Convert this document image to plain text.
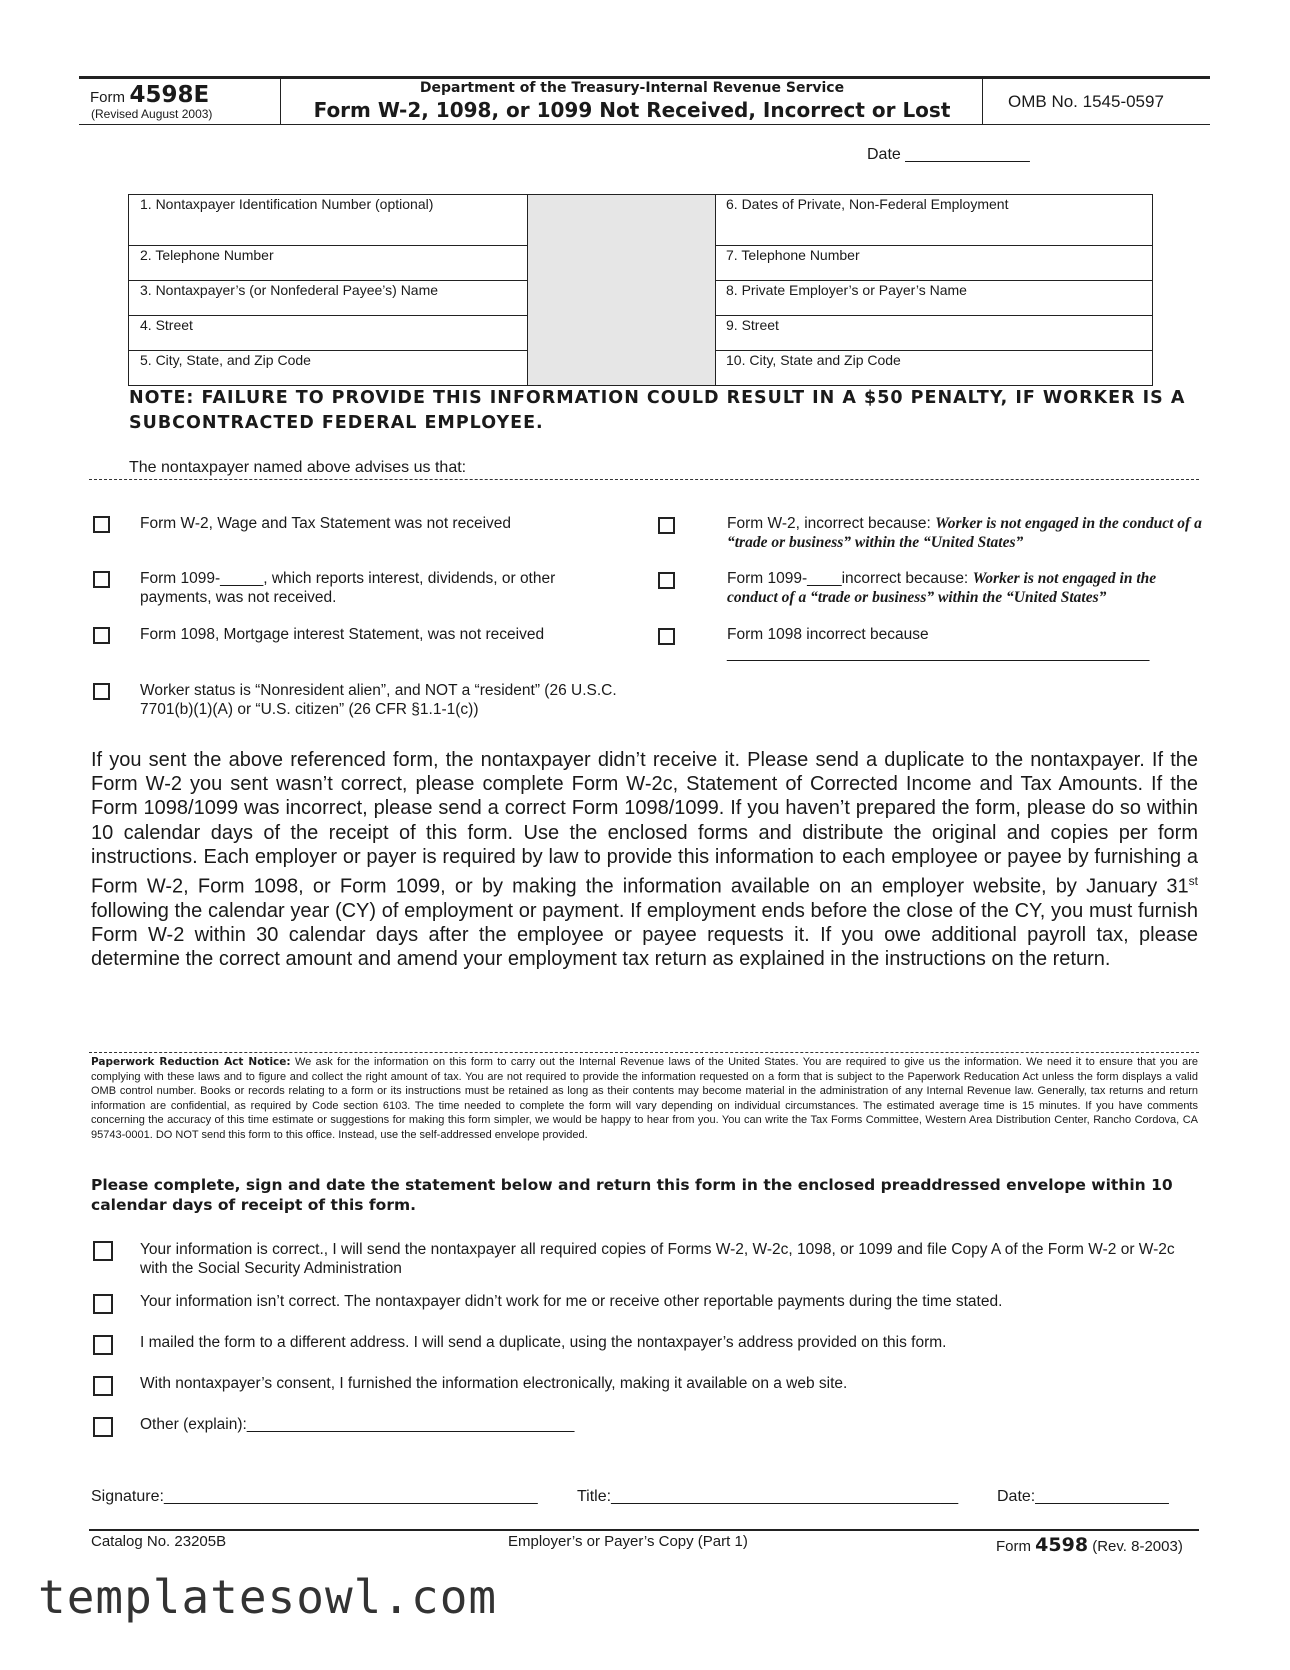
Form 4598E
(Revised August 2003)
Department of the Treasury-Internal Revenue Service
Form W-2, 1098, or 1099 Not Received, Incorrect or Lost	OMB No. 1545-0597
Date ______________
1. Nontaxpayer Identification Number (optional)
2. Telephone Number
3. Nontaxpayer’s (or Nonfederal Payee’s) Name
4. Street
5. City, State, and Zip Code
6. Dates of Private, Non-Federal Employment
7. Telephone Number
8. Private Employer’s or Payer’s Name
9. Street
10. City, State and Zip Code
NOTE: FAILURE TO PROVIDE THIS INFORMATION COULD RESULT IN A $50 PENALTY, IF WORKER IS A SUBCONTRACTED FEDERAL EMPLOYEE.
The nontaxpayer named above advises us that:
Form W-2, Wage and Tax Statement was not received
Form 1099-_____, which reports interest, dividends, or other payments, was not received.
Form 1098, Mortgage interest Statement, was not received
Worker status is “Nonresident alien”, and NOT a “resident” (26 U.S.C. 7701(b)(1)(A) or “U.S. citizen” (26 CFR §1.1-1(c))
Form W-2, incorrect because: Worker is not engaged in the conduct of a “trade or business” within the “United States”
Form 1099-____incorrect because: Worker is not engaged in the conduct of a “trade or business” within the “United States”
Form 1098 incorrect because
_________________________________________________
If you sent the above referenced form, the nontaxpayer didn’t receive it. Please send a duplicate to the nontaxpayer. If the Form W-2 you sent wasn’t correct, please complete Form W-2c, Statement of Corrected Income and Tax Amounts. If the Form 1098/1099 was incorrect, please send a correct Form 1098/1099. If you haven’t prepared the form, please do so within 10 calendar days of the receipt of this form. Use the enclosed forms and distribute the original and copies per form instructions. Each employer or payer is required by law to provide this information to each employee or payee by furnishing a Form W-2, Form 1098, or Form 1099, or by making the information available on an employer website, by January 31st following the calendar year (CY) of employment or payment. If employment ends before the close of the CY, you must furnish Form W-2 within 30 calendar days after the employee or payee requests it. If you owe additional payroll tax, please determine the correct amount and amend your employment tax return as explained in the instructions on the return.
Paperwork Reduction Act Notice: We ask for the information on this form to carry out the Internal Revenue laws of the United States. You are required to give us the information. We need it to ensure that you are complying with these laws and to figure and collect the right amount of tax. You are not required to provide the information requested on a form that is subject to the Paperwork Reducation Act unless the form displays a valid OMB control number. Books or records relating to a form or its instructions must be retained as long as their contents may become material in the administration of any Internal Revenue law. Generally, tax returns and return information are confidential, as required by Code section 6103. The time needed to complete the form will vary depending on individual circumstances. The estimated average time is 15 minutes. If you have comments concerning the accuracy of this time estimate or suggestions for making this form simpler, we would be happy to hear from you. You can write the Tax Forms Committee, Western Area Distribution Center, Rancho Cordova, CA 95743-0001. DO NOT send this form to this office. Instead, use the self-addressed envelope provided.
Please complete, sign and date the statement below and return this form in the enclosed preaddressed envelope within 10 calendar days of receipt of this form.
Your information is correct., I will send the nontaxpayer all required copies of Forms W-2, W-2c, 1098, or 1099 and file Copy A of the Form W-2 or W-2c with the Social Security Administration
Your information isn’t correct. The nontaxpayer didn’t work for me or receive other reportable payments during the time stated.
I mailed the form to a different address. I will send a duplicate, using the nontaxpayer’s address provided on this form.
With nontaxpayer’s consent, I furnished the information electronically, making it available on a web site.
Other (explain):______________________________________
Signature:__________________________________________ Title:_______________________________________ Date:_______________
Catalog No. 23205B	Employer’s or Payer’s Copy (Part 1)	Form 4598 (Rev. 8-2003)
templatesowl.com
